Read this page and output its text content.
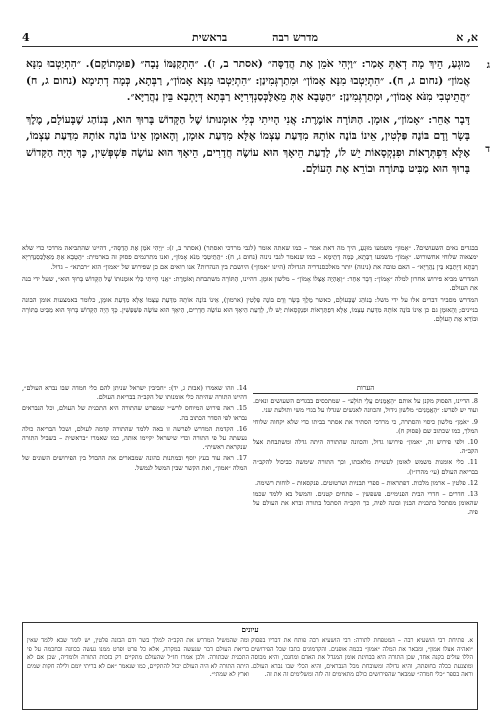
א, א
מדרש רבה
בראשית
4
ג
ד

מוּגְעַ, הֵיךְ מָה דְאַתְּ אָמַר: ״וַיְהִי אֹמֵן אֶת הֲדַסָּה״ (אסתר ב, ז). ״הִתְקַנַּמּוֹ נָבָה״ (פוּמְתוֹקָם). ״הִתְיַטְבוּ מִנָּא אֲמוֹן״ (נחום ג, ח). ״הִתְיַטְבוּ מִנָּא אָמוֹן״ וּמִתַרְגְּמִינַן: ״הִתְיַטְבוּ מִנָּא אָמוֹן״, רַבְּתָא, כְּמָה דְתִימָא (נחום ג, ח) ״הֲתֵיטְבִי מִנֹּא אָמוֹן״, וּמְתַרְגְּמִינַן: ״הַטָּבָא אַתְּ מֵאַלֶּכְּסַנְדְּרִיָּא רַבְּתָא דְּיָתְבָא בֵּין נַהֲרַיָּא״.

דָּבָר אַחֵר: ״אָמוֹן״, אוּמָן. הַתּוֹרָה אוֹמֶרֶת: אֲנִי הָיִיתִי כְּלִי אוּמְנוּתוֹ שֶׁל הַקָּדוֹשׁ בָּרוּךְ הוּא, בְּנוֹהַג שֶׁבָּעוֹלָם, מֶלֶךְ בָּשָׂר וָדָם בּוֹנֶה פַּלְטִין, אֵינוֹ בּוֹנֶה אוֹתָהּ מִדַּעַת עַצְמוֹ אֶלָּא מִדַּעַת אוּמָן, וְהָאוּמָן אֵינוֹ בּוֹנֶה אוֹתָהּ מִדַּעַת עַצְמוֹ, אֶלָּא דִּפְתְּרָאוֹת וּפִנְקְסָאוֹת יֵשׁ לוֹ, לָדַעַת הֵיאָךְ הוּא עוֹשֶׂה חֲדָרִים, הֵיאָךְ הוּא עוֹשֶׂה פִּשְׁפְּשִׁין, כָּךְ הָיָה הַקָּדוֹשׁ בָּרוּךְ הוּא מַבִּיט בַּתּוֹרָה וּבוֹרֵא אֶת הָעוֹלָם.

בבגדים נאים השעושים?. ״אֵמוּן״ משמעו מוּגְעַ, היך מה דאת אמר – כמו שאתה אומר (לגבי מרדכי ואסתר) (אסתר ב, ז): ״וַיְהִי אֹמֵן אֶת הֲדַסָּה״, דהיינו שהתביאה מרדכי כדי שלא ימצאוה שלוחי אחשורוש. ״אָמוֹן״ משמעו רַבְּתָא, כְּמָה דְתֵימָא – כמו שנאמר לגבי נינוה (נחום ג, ח): ״הֲתֵיטְבִי מִנֹּא אָמוֹן״, ואנו מתרגמים פסוק זה בארמית: ״הֲטָבָא אַתְּ מֵאַלֶּכְּסַנְדְּרִיָּא רַבְּתָא דְּיָתְבָא בֵּין נַהֲרַיָּא״ – האם טובה את (נינוה) יותר מאלכסנדריה הגדולה (היינו ״אמון״) היושבת בין הנהרות? אנו רואים אם כן שפירוש של ״אמון״ הוא ״רבתא״ – גדול.

המדרש מביא פירוש אחרון למלה ״אָמוֹן״: דָּבָר אַחֵר: ״וָאֶהְיֶה אֶצְלוֹ אָמוֹן״ – מלשון אוּמָן. דהיינו, הַתּוֹרָה משתבחת וְאוֹמֶרֶת: ״אֲנִי הָיִיתִי כְּלִי אוּמְנוּתוֹ שֶׁל הַקָּדוֹשׁ בָּרוּךְ הוּא״, שעל ידי בנה את העולם.

המדרש מסביר דברים אלו על ידי משל: בְּנוֹהַג שֶׁבָּעוֹלָם, כאשר מֶלֶךְ בָּשָׂר וָדָם בּוֹנֶה פַּלְטִין (ארמון), אֵינוֹ בּוֹנֶה אוֹתָהּ מִדַּעַת עַצְמוֹ אֶלָּא מִדַּעַת אוּמָן, כלומר באמצעות אומן הבונה בניינים; וְהָאוּמָן גם כן אֵינוֹ בּוֹנֶה אוֹתָהּ מִדַּעַת עַצְמוֹ, אֶלָּא דִּפְתְּרָאוֹת וּפִנְקְסָאוֹת יֵשׁ לוֹ, לָדַעַת הֵיאָךְ הוּא עוֹשֶׂה חֲדָרִים, הֵיאָךְ הוּא עוֹשֶׂה פִּשְׁפְּשִׁין. כָּךְ הָיָה הַקָּדוֹשׁ בָּרוּךְ הוּא מַבִּיט בַּתּוֹרָה וּבוֹרֵא אֶת הָעוֹלָם.

הערות

8. הדיינו, הפסוק מקנן על אותם ״הָאֱמֻנִים עֲלֵי תוֹלָע״ – שמתכסים בבגדים השעושים ונאים. ועוד יש לפרש: ״הָאֱמֻנִים״ מלשון גידול, והכוונה לאנשים שגדלו על בגדי משי ותולעת שני.

9. ״אֹמֵן״ מלשון כיסוי והסתרה, כי מרדכי הסתיר את אסתר בביתו כדי שלא יקחוה שלוחי המלך, כמו שכתוב שם (פסוק ח).

10. ולפי פירוש זה, ״אמון״ פירושו גדול, והכוונה שהתורה היתה גדלה ומשתבחת אצל הקב״ה.

11. כלי אומנות משמש לאומן לעשיית מלאכתו, וכך התורה שימשה כביכול להקב״ה בבריאת העולם (עי׳ מהרז״ו).

12. פלטין – ארמון מלכות. דפתראות – ספרי תבניות ושרטוטים. פנקסאות – לוחות רשימה.

13. חדרים – חדרי הבית הפנימיים. פשפשין – פתחים קטנים. והמשל בא ללמד שכמו שהאומן מסתכל בתכנית הבנין ובונה לפיה, כך הקב״ה הסתכל בתורה וברא את העולם על פיה.

14. וזהו שאמרו (אבות ג, יד): ״חביבין ישראל שניתן להם כלי חמדה שבו נברא העולם״, דהיינו התורה שהיתה כלי אומנותו של הקב״ה בבריאת העולם.

15. ראה פירוש המיוחס לרש״י שמפרש שהתורה היא התכנית של העולם, וכל הנבראים נבראו לפי הסדר הכתוב בה.

16. הקדמת המדרש לפרשה זו באה ללמד שהתורה קדמה לעולם, ושכל הבריאה כולה נעשתה על פי התורה וכדי שישראל יקיימו אותה, כמו שאמרו ״בראשית – בשביל התורה שנקראת ראשית״.

17. ראה עוד בעץ יוסף ובמתנות כהונה שמבארים את ההבדל בין הפירושים השונים של המלה ״אמון״, ואת הקשר שבין המשל לנמשל.

עיונים

א. פתיחת רבי הושעיא רבה – המטפחת לתורה: רבי הושעיא רבה פותח את דבריו בפסוק ״ואהיה אצלו אמון״, ומבאר את המלה ״אמון״ בכמה אופנים. והקדמונים כתבו שכל הפירושים הללו עולים בקנה אחד, שכן התורה היא בבחינת אומן המגדל את האדם ומחנכו, והיא מכוסה ומוצנעת ככלה בחופתה, והיא גדולה ומשובחת מכל הנבראים, והיא הכלי שבו נברא העולם. וראה בספר ״כלי חמדה״ שמבאר שהפירושים כולם מתאימים זה לזה ומשלימים זה את זה.

ומה שהמשיל המדרש את הקב״ה למלך בשר ודם הבונה פלטין, יש לומר שבא ללמד שאין בריאת העולם דבר שנעשה במקרה, אלא כל פרט ופרט ממנו נעשה בכוונה ובחכמה על פי התכנית שבתורה. ולכן אמרו חז״ל שהעולם מתקיים רק בזכות התורה ולומדיה, שכן אם לא היתה התורה לא היה העולם יכול להתקיים, כמו שנאמר ״אם לא בריתי יומם ולילה חקות שמים וארץ לא שמתי״.
